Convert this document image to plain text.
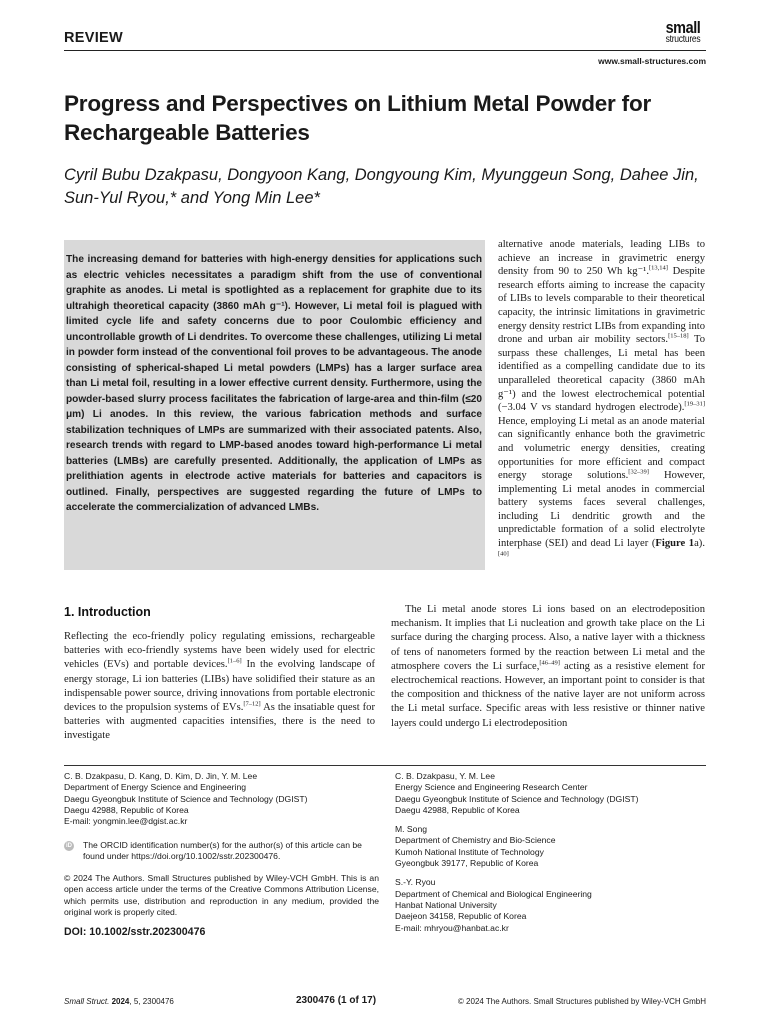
REVIEW
small
structures
www.small-structures.com
Progress and Perspectives on Lithium Metal Powder for Rechargeable Batteries
Cyril Bubu Dzakpasu, Dongyoon Kang, Dongyoung Kim, Myunggeun Song, Dahee Jin, Sun-Yul Ryou,* and Yong Min Lee*
The increasing demand for batteries with high-energy densities for applications such as electric vehicles necessitates a paradigm shift from the use of conventional graphite as anodes. Li metal is spotlighted as a replacement for graphite due to its ultrahigh theoretical capacity (3860 mAh g⁻¹). However, Li metal foil is plagued with limited cycle life and safety concerns due to poor Coulombic efficiency and uncontrollable growth of Li dendrites. To overcome these challenges, utilizing Li metal in powder form instead of the conventional foil proves to be advantageous. The anode consisting of spherical-shaped Li metal powders (LMPs) has a larger surface area than Li metal foil, resulting in a lower effective current density. Furthermore, using the powder-based slurry process facilitates the fabrication of large-area and thin-film (≤20 μm) Li anodes. In this review, the various fabrication methods and surface stabilization techniques of LMPs are summarized with their associated patents. Also, research trends with regard to LMP-based anodes toward high-performance Li metal batteries (LMBs) are carefully presented. Additionally, the application of LMPs as prelithiation agents in electrode active materials for batteries and capacitors is outlined. Finally, perspectives are suggested regarding the future of LMPs to accelerate the commercialization of advanced LMBs.
alternative anode materials, leading LIBs to achieve an increase in gravimetric energy density from 90 to 250 Wh kg⁻¹.[13,14] Despite research efforts aiming to increase the capacity of LIBs to levels comparable to their theoretical capacity, the intrinsic limitations in gravimetric energy density restrict LIBs from expanding into drone and urban air mobility sectors.[15–18] To surpass these challenges, Li metal has been identified as a compelling candidate due to its unparalleled theoretical capacity (3860 mAh g⁻¹) and the lowest electrochemical potential (−3.04 V vs standard hydrogen electrode).[19–31] Hence, employing Li metal as an anode material can significantly enhance both the gravimetric and volumetric energy densities, creating opportunities for more efficient and compact energy storage solutions.[32–39] However, implementing Li metal anodes in commercial battery systems faces several challenges, including Li dendritic growth and the unpredictable formation of a solid electrolyte interphase (SEI) and dead Li layer (Figure 1a).[40]
1. Introduction
Reflecting the eco-friendly policy regulating emissions, rechargeable batteries with eco-friendly systems have been widely used for electric vehicles (EVs) and portable devices.[1–6] In the evolving landscape of energy storage, Li ion batteries (LIBs) have solidified their stature as an indispensable power source, driving innovations from portable electronic devices to the propulsion systems of EVs.[7–12] As the insatiable quest for batteries with augmented capacities intensifies, there is the need to investigate
The Li metal anode stores Li ions based on an electrodeposition mechanism. It implies that Li nucleation and growth take place on the Li surface during the charging process. Also, a native layer with a thickness of tens of nanometers formed by the reaction between Li metal and the atmosphere covers the Li surface,[46–49] acting as a resistive element for electrochemical reactions. However, an important point to consider is that the composition and thickness of the native layer are not uniform across the Li metal surface. Specific areas with less resistive or thinner native layers could undergo Li electrodeposition

C. B. Dzakpasu, D. Kang, D. Kim, D. Jin, Y. M. Lee

Department of Energy Science and Engineering

Daegu Gyeongbuk Institute of Science and Technology (DGIST)

Daegu 42988, Republic of Korea

E-mail: yongmin.lee@dgist.ac.kr

iD The ORCID identification number(s) for the author(s) of this article can be found under https://doi.org/10.1002/sstr.202300476.
© 2024 The Authors. Small Structures published by Wiley-VCH GmbH. This is an open access article under the terms of the Creative Commons Attribution License, which permits use, distribution and reproduction in any medium, provided the original work is properly cited.
DOI: 10.1002/sstr.202300476

C. B. Dzakpasu, Y. M. Lee

Energy Science and Engineering Research Center

Daegu Gyeongbuk Institute of Science and Technology (DGIST)

Daegu 42988, Republic of Korea

M. Song

Department of Chemistry and Bio-Science

Kumoh National Institute of Technology

Gyeongbuk 39177, Republic of Korea

S.-Y. Ryou

Department of Chemical and Biological Engineering

Hanbat National University

Daejeon 34158, Republic of Korea

E-mail: mhryou@hanbat.ac.kr

Small Struct. 2024, 5, 2300476	2300476 (1 of 17)	© 2024 The Authors. Small Structures published by Wiley-VCH GmbH
